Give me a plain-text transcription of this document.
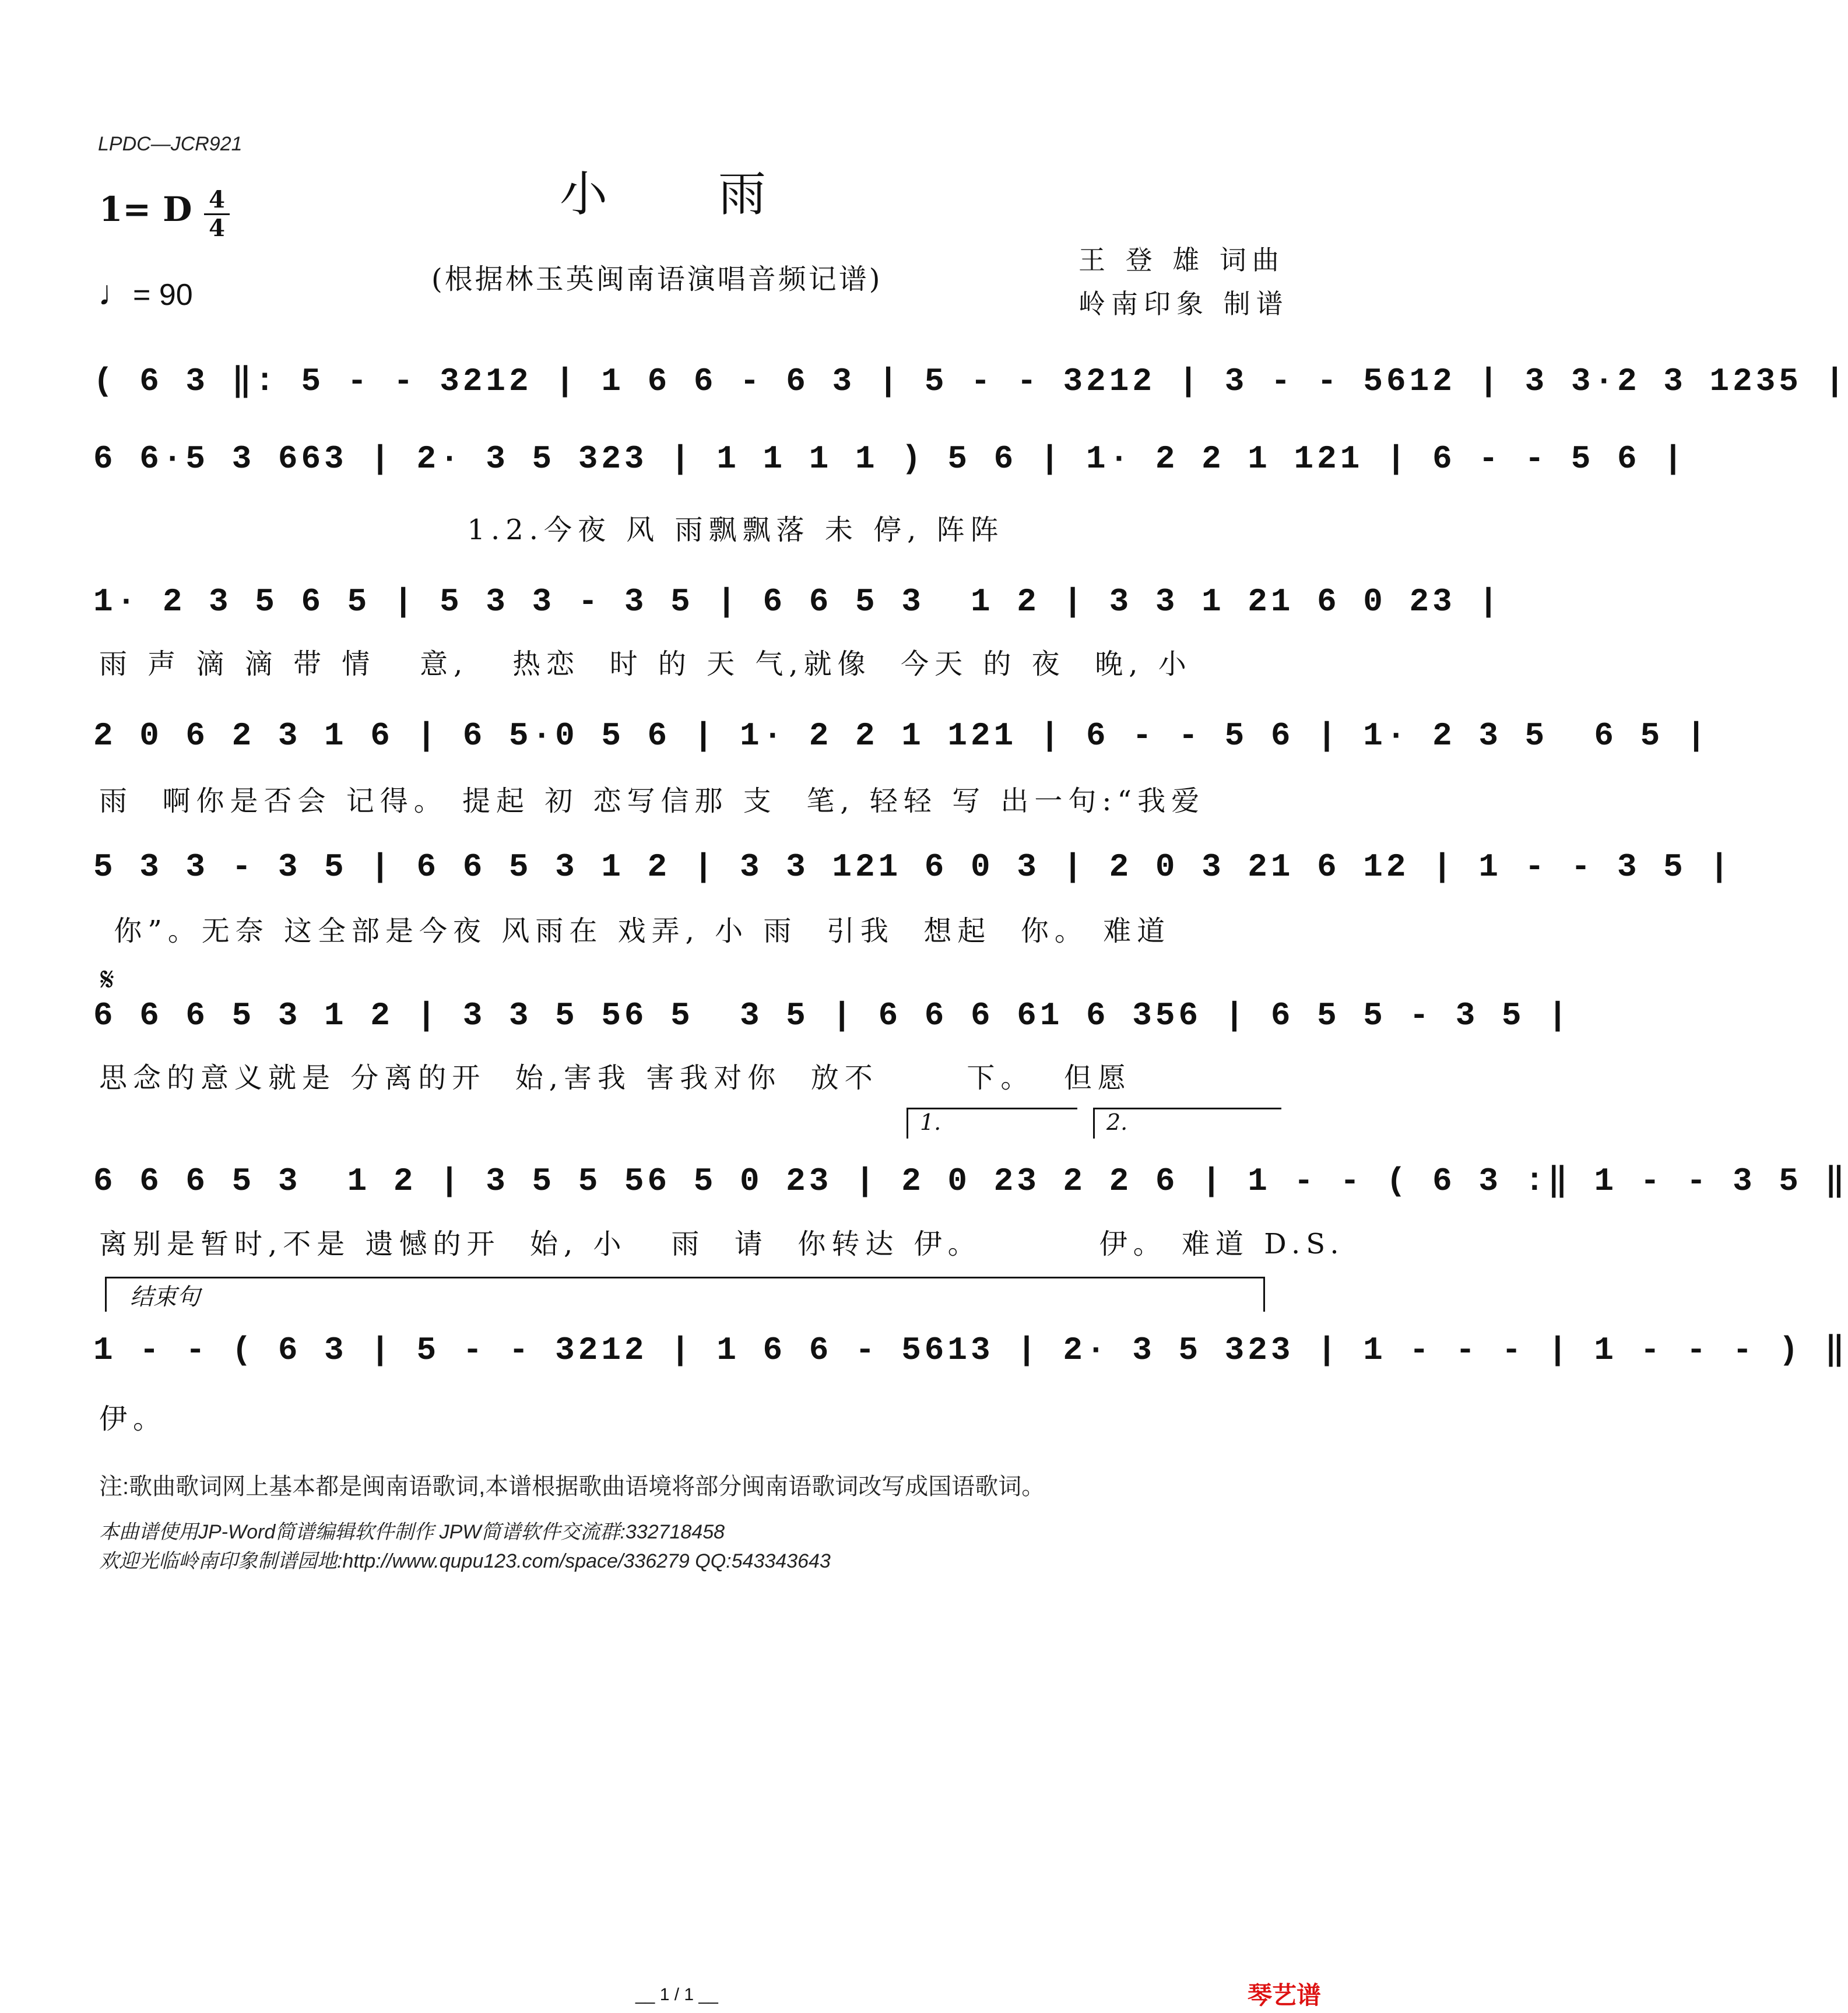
LPDC—JCR921
小雨
1= D 4
4
♩= 90	(根据林玉英闽南语演唱音频记谱)
王 登 雄 词曲
岭南印象 制谱
( 6 3 ‖: 5 - - 3212 | 1 6 6 - 6 3 | 5 - - 3212 | 3 - - 5612 | 3 3·2 3 1235 |
6 6·5 3 663 | 2· 3 5 323 | 1 1 1 1 ) 5 6 | 1· 2 2 1 121 | 6 - - 5 6 |
1.2.今夜 风 雨飘飘落 未 停, 阵阵
1· 2 3 5 6 5 | 5 3 3 - 3 5 | 6 6 5 3  1 2 | 3 3 1 21 6 0 23 |
雨 声 滴 滴 带 情   意,   热恋  时 的 天 气,就像  今天 的 夜  晚, 小
2 0 6 2 3 1 6 | 6 5·0 5 6 | 1· 2 2 1 121 | 6 - - 5 6 | 1· 2 3 5  6 5 |
雨  啊你是否会 记得。 提起 初 恋写信那 支  笔, 轻轻 写 出一句:“我爱
5 3 3 - 3 5 | 6 6 5 3 1 2 | 3 3 121 6 0 3 | 2 0 3 21 6 12 | 1 - - 3 5 |
你”。无奈 这全部是今夜 风雨在 戏弄, 小 雨  引我  想起  你。 难道
𝄋
6 6 6 5 3 1 2 | 3 3 5 56 5  3 5 | 6 6 6 61 6 356 | 6 5 5 - 3 5 |
思念的意义就是 分离的开  始,害我 害我对你  放不      下。  但愿
1.	2.
6 6 6 5 3  1 2 | 3 5 5 56 5 0 23 | 2 0 23 2 2 6 | 1 - - ( 6 3 :‖ 1 - - 3 5 ‖
离别是暂时,不是 遗憾的开  始, 小   雨  请  你转达 伊。        伊。 难道 D.S.
结束句
1 - - ( 6 3 | 5 - - 3212 | 1 6 6 - 5613 | 2· 3 5 323 | 1 - - - | 1 - - - ) ‖
伊。
注:歌曲歌词网上基本都是闽南语歌词,本谱根据歌曲语境将部分闽南语歌词改写成国语歌词。
本曲谱使用JP-Word简谱编辑软件制作 JPW简谱软件交流群:332718458
欢迎光临岭南印象制谱园地:http://www.qupu123.com/space/336279 QQ:543343643
__ 1 / 1 __	琴艺谱
